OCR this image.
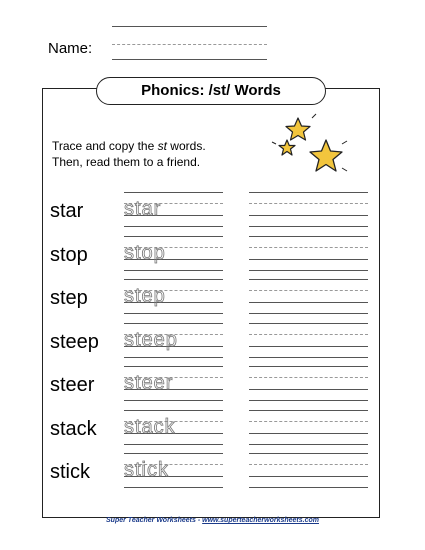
Name:
Phonics: /st/ Words
Trace and copy the st words.
Then, read them to a friend.
star star
stop stop
step step
steep steep
steer steer
stack stack
stick stick
Super Teacher Worksheets - www.superteacherworksheets.com
